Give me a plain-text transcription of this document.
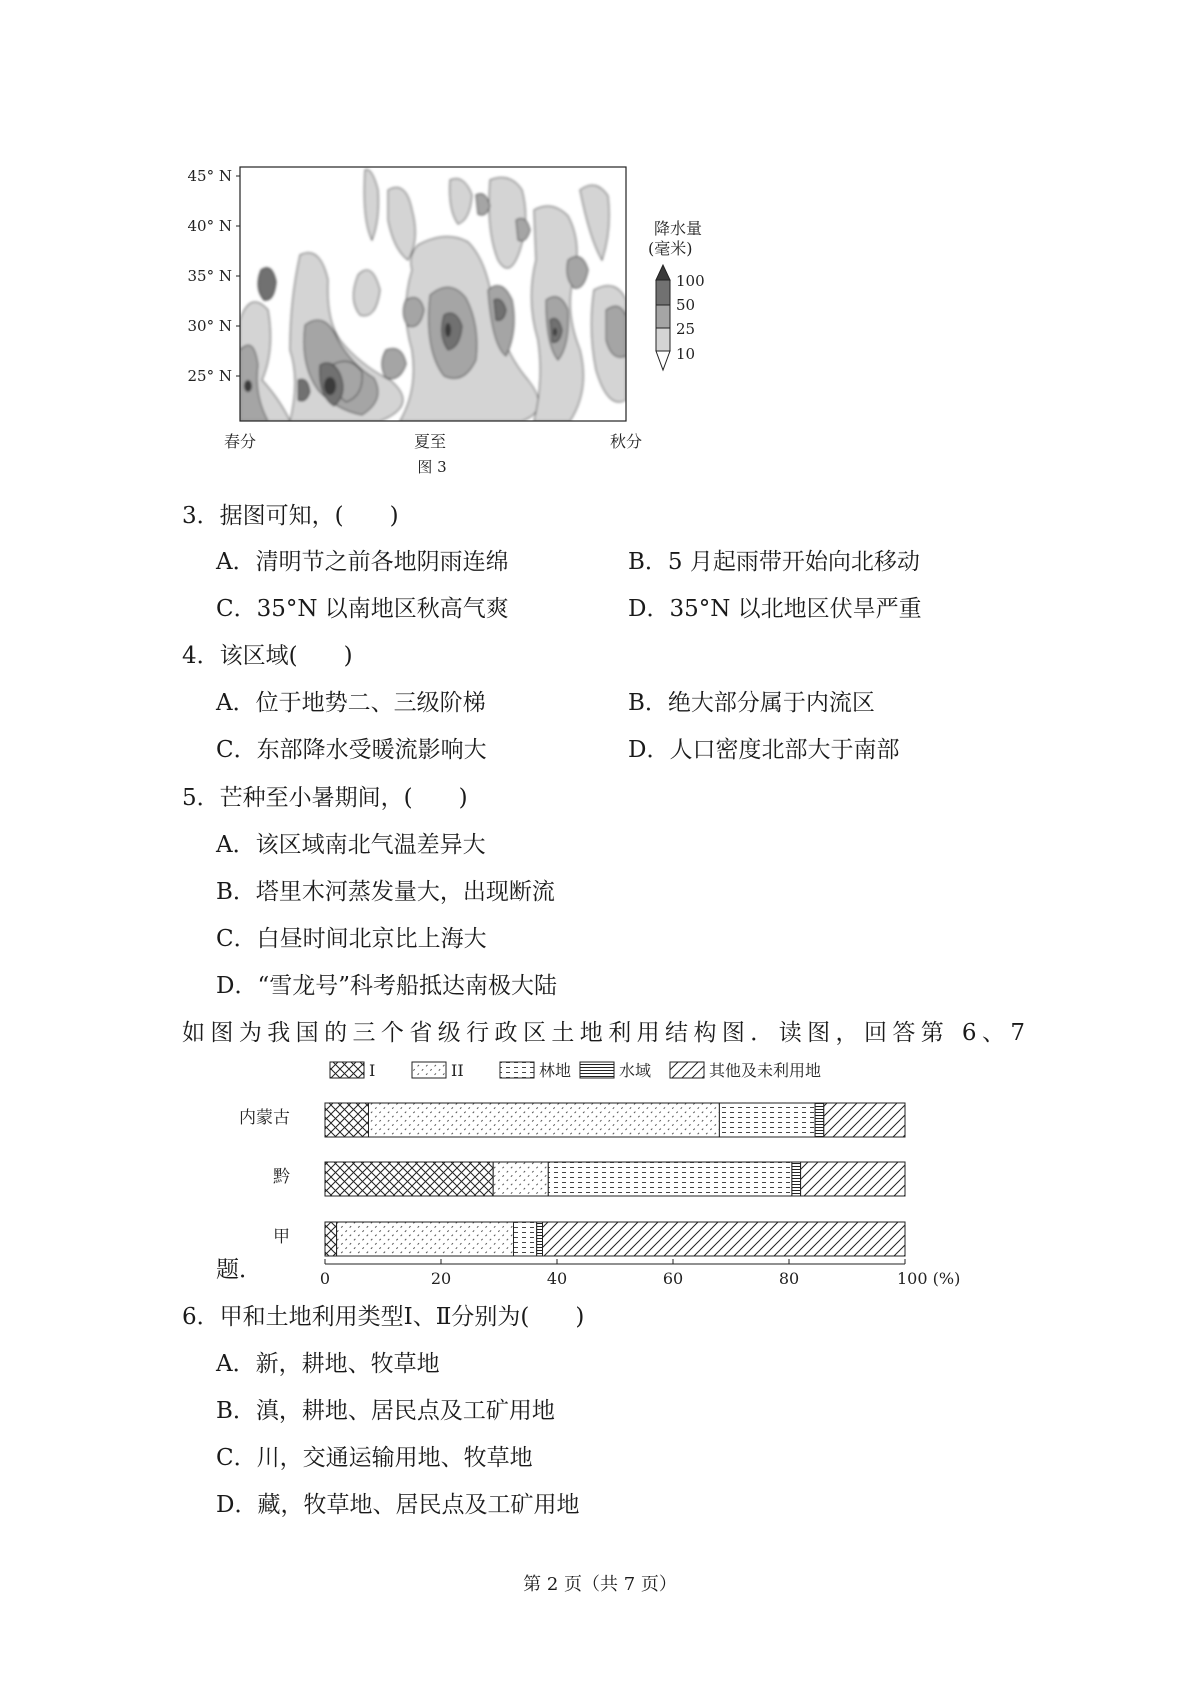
45° N
40° N
35° N
30° N
25° N
春分	夏至	秋分
图 3
降水量
(毫米)
100
50
25
10
3．据图可知，(　　)
A．清明节之前各地阴雨连绵	B．5 月起雨带开始向北移动
C．35°N 以南地区秋高气爽	D．35°N 以北地区伏旱严重
4．该区域(　　)
A．位于地势二、三级阶梯	B．绝大部分属于内流区
C．东部降水受暖流影响大	D．人口密度北部大于南部
5．芒种至小暑期间，(　　)
A．该区域南北气温差异大
B．塔里木河蒸发量大，出现断流
C．白昼时间北京比上海大
D．“雪龙号”科考船抵达南极大陆
如图为我国的三个省级行政区土地利用结构图．读图，回答第 6、7
I	II	林地	水域	其他及未利用地
内蒙古
黔
甲
0	20	40	60	80	100 (%)
题．
6．甲和土地利用类型Ⅰ、Ⅱ分别为(　　)
A．新，耕地、牧草地
B．滇，耕地、居民点及工矿用地
C．川，交通运输用地、牧草地
D．藏，牧草地、居民点及工矿用地
第 2 页（共 7 页）
